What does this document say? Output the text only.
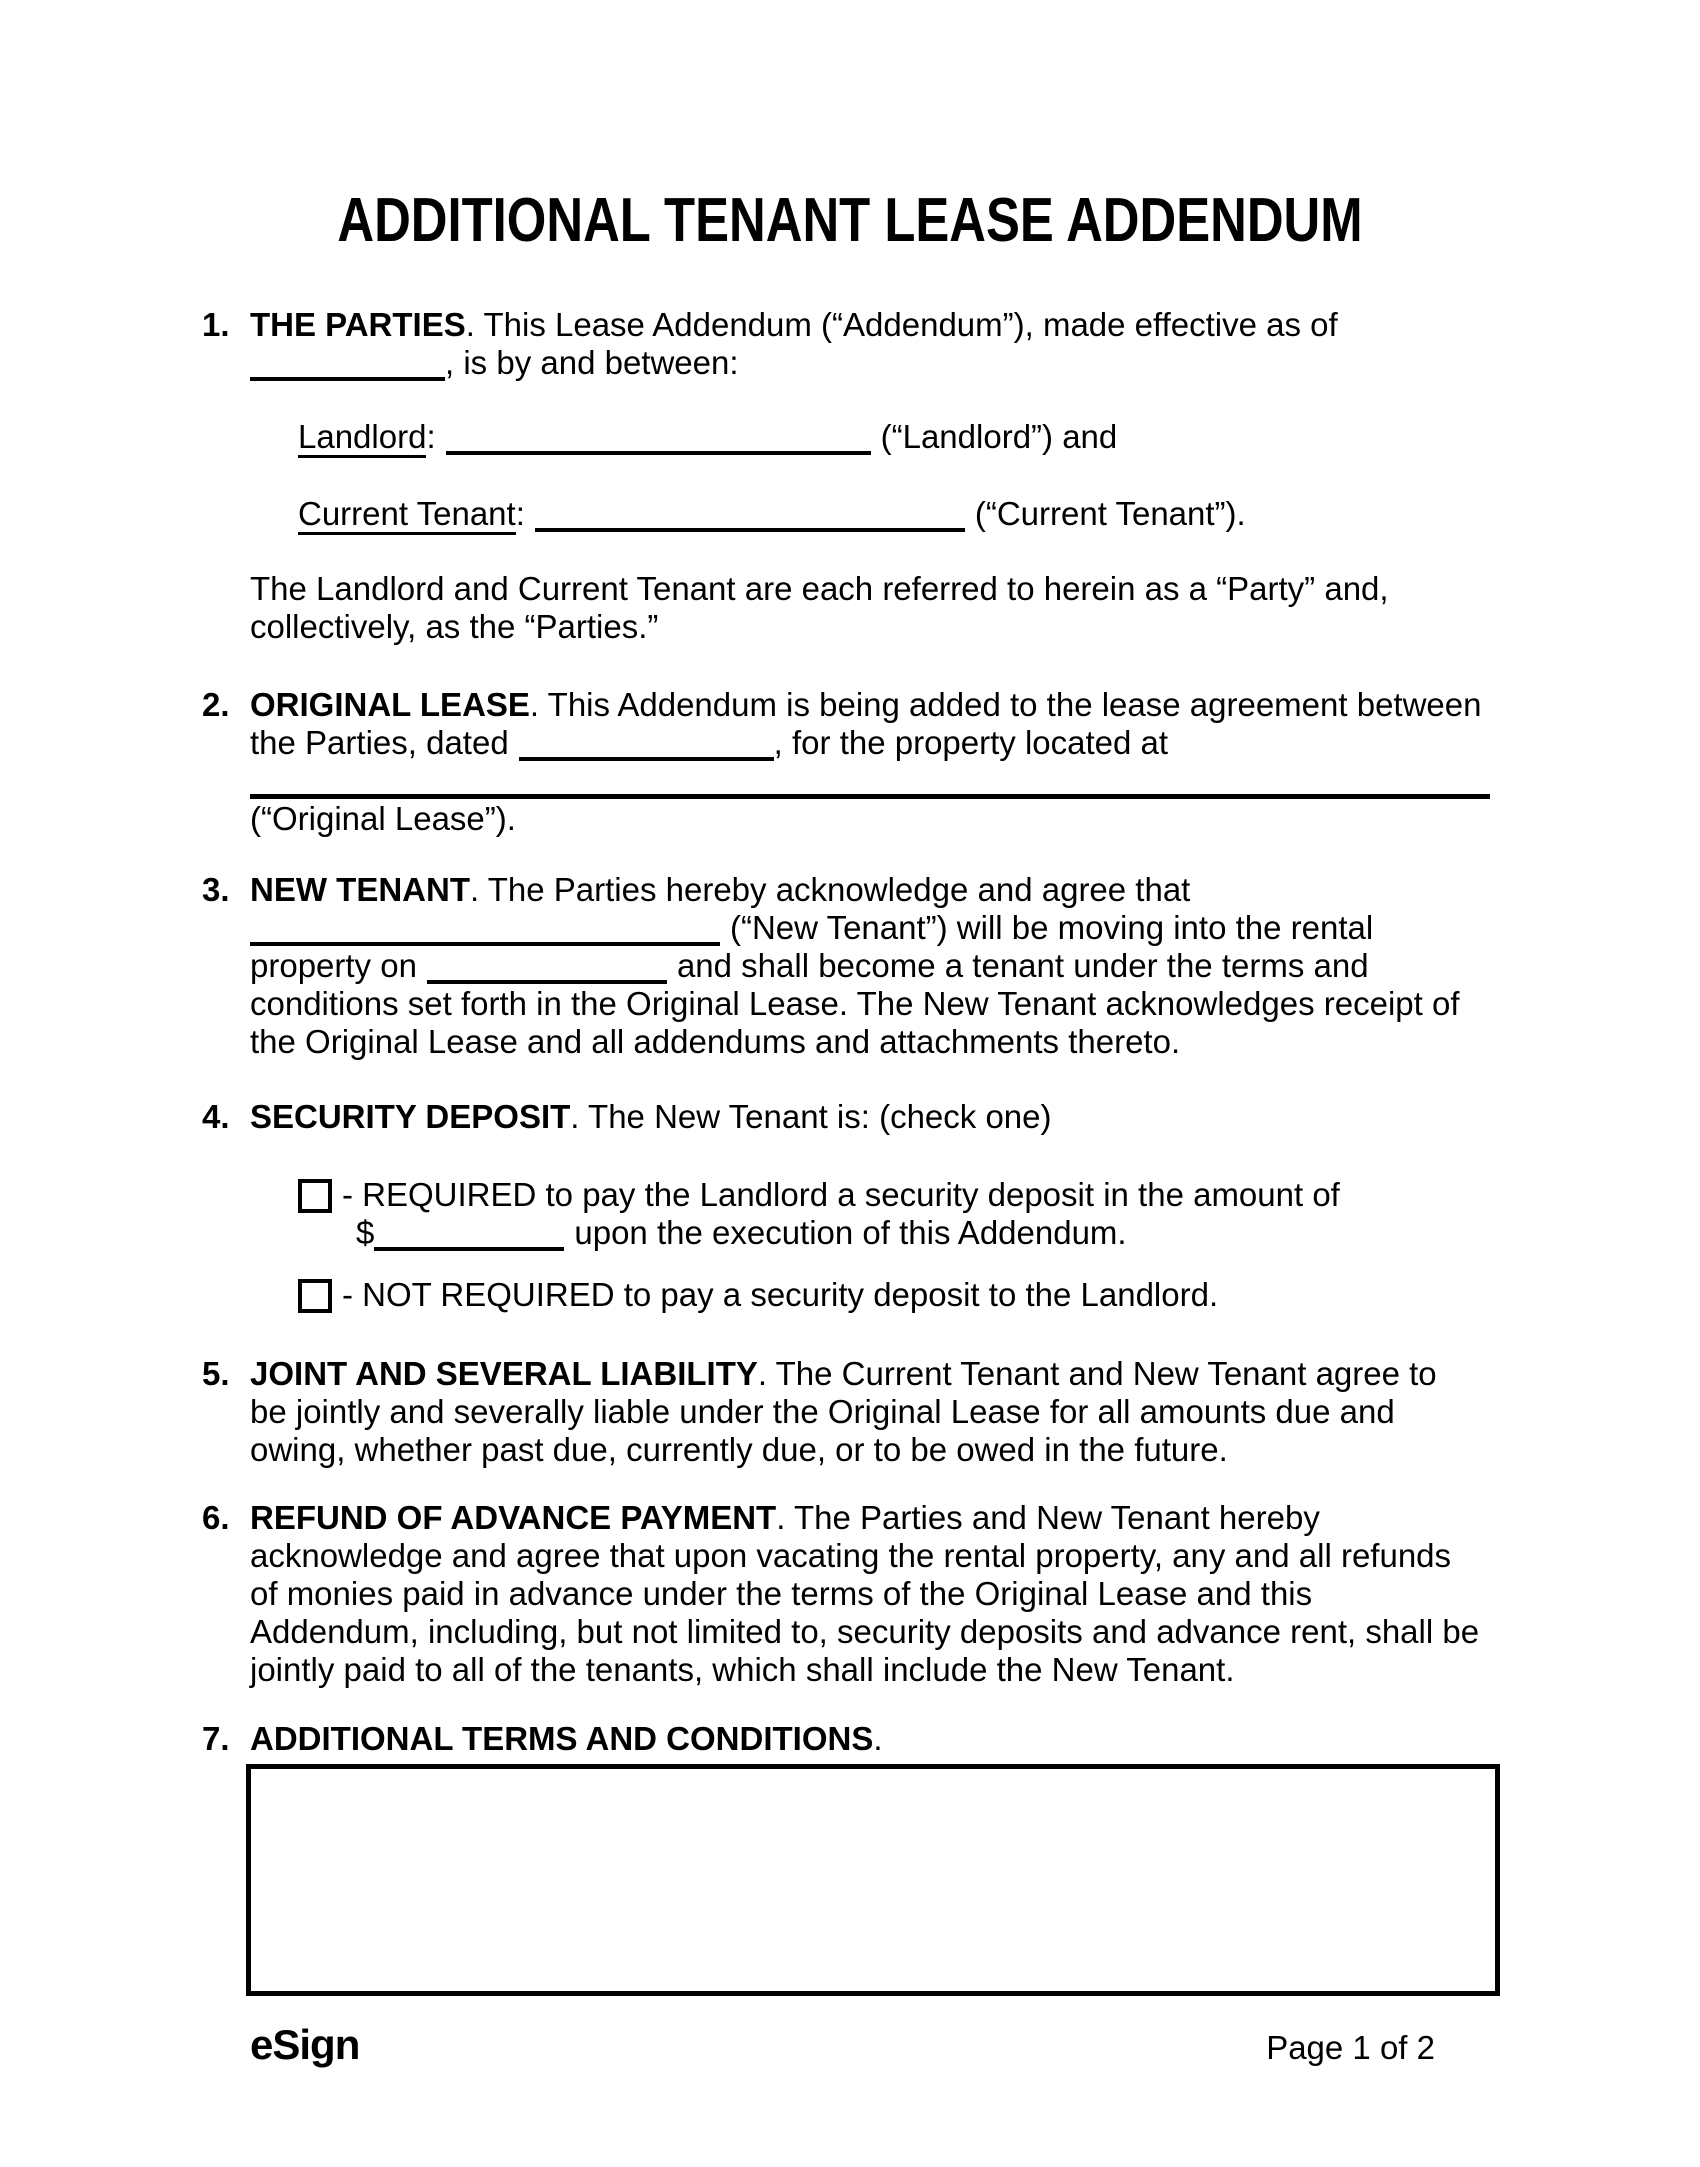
ADDITIONAL TENANT LEASE ADDENDUM
1. THE PARTIES. This Lease Addendum (“Addendum”), made effective as of
, is by and between:
Landlord:	(“Landlord”) and
Current Tenant:	(“Current Tenant”).
The Landlord and Current Tenant are each referred to herein as a “Party” and,
collectively, as the “Parties.”
2. ORIGINAL LEASE. This Addendum is being added to the lease agreement between
the Parties, dated	, for the property located at
(“Original Lease”).
3. NEW TENANT. The Parties hereby acknowledge and agree that
(“New Tenant”) will be moving into the rental
property on	and shall become a tenant under the terms and
conditions set forth in the Original Lease. The New Tenant acknowledges receipt of
the Original Lease and all addendums and attachments thereto.
4. SECURITY DEPOSIT. The New Tenant is: (check one)
- REQUIRED to pay the Landlord a security deposit in the amount of
$	upon the execution of this Addendum.
- NOT REQUIRED to pay a security deposit to the Landlord.
5. JOINT AND SEVERAL LIABILITY. The Current Tenant and New Tenant agree to
be jointly and severally liable under the Original Lease for all amounts due and
owing, whether past due, currently due, or to be owed in the future.
6. REFUND OF ADVANCE PAYMENT. The Parties and New Tenant hereby
acknowledge and agree that upon vacating the rental property, any and all refunds
of monies paid in advance under the terms of the Original Lease and this
Addendum, including, but not limited to, security deposits and advance rent, shall be
jointly paid to all of the tenants, which shall include the New Tenant.
7. ADDITIONAL TERMS AND CONDITIONS.
eSign	Page 1 of 2
